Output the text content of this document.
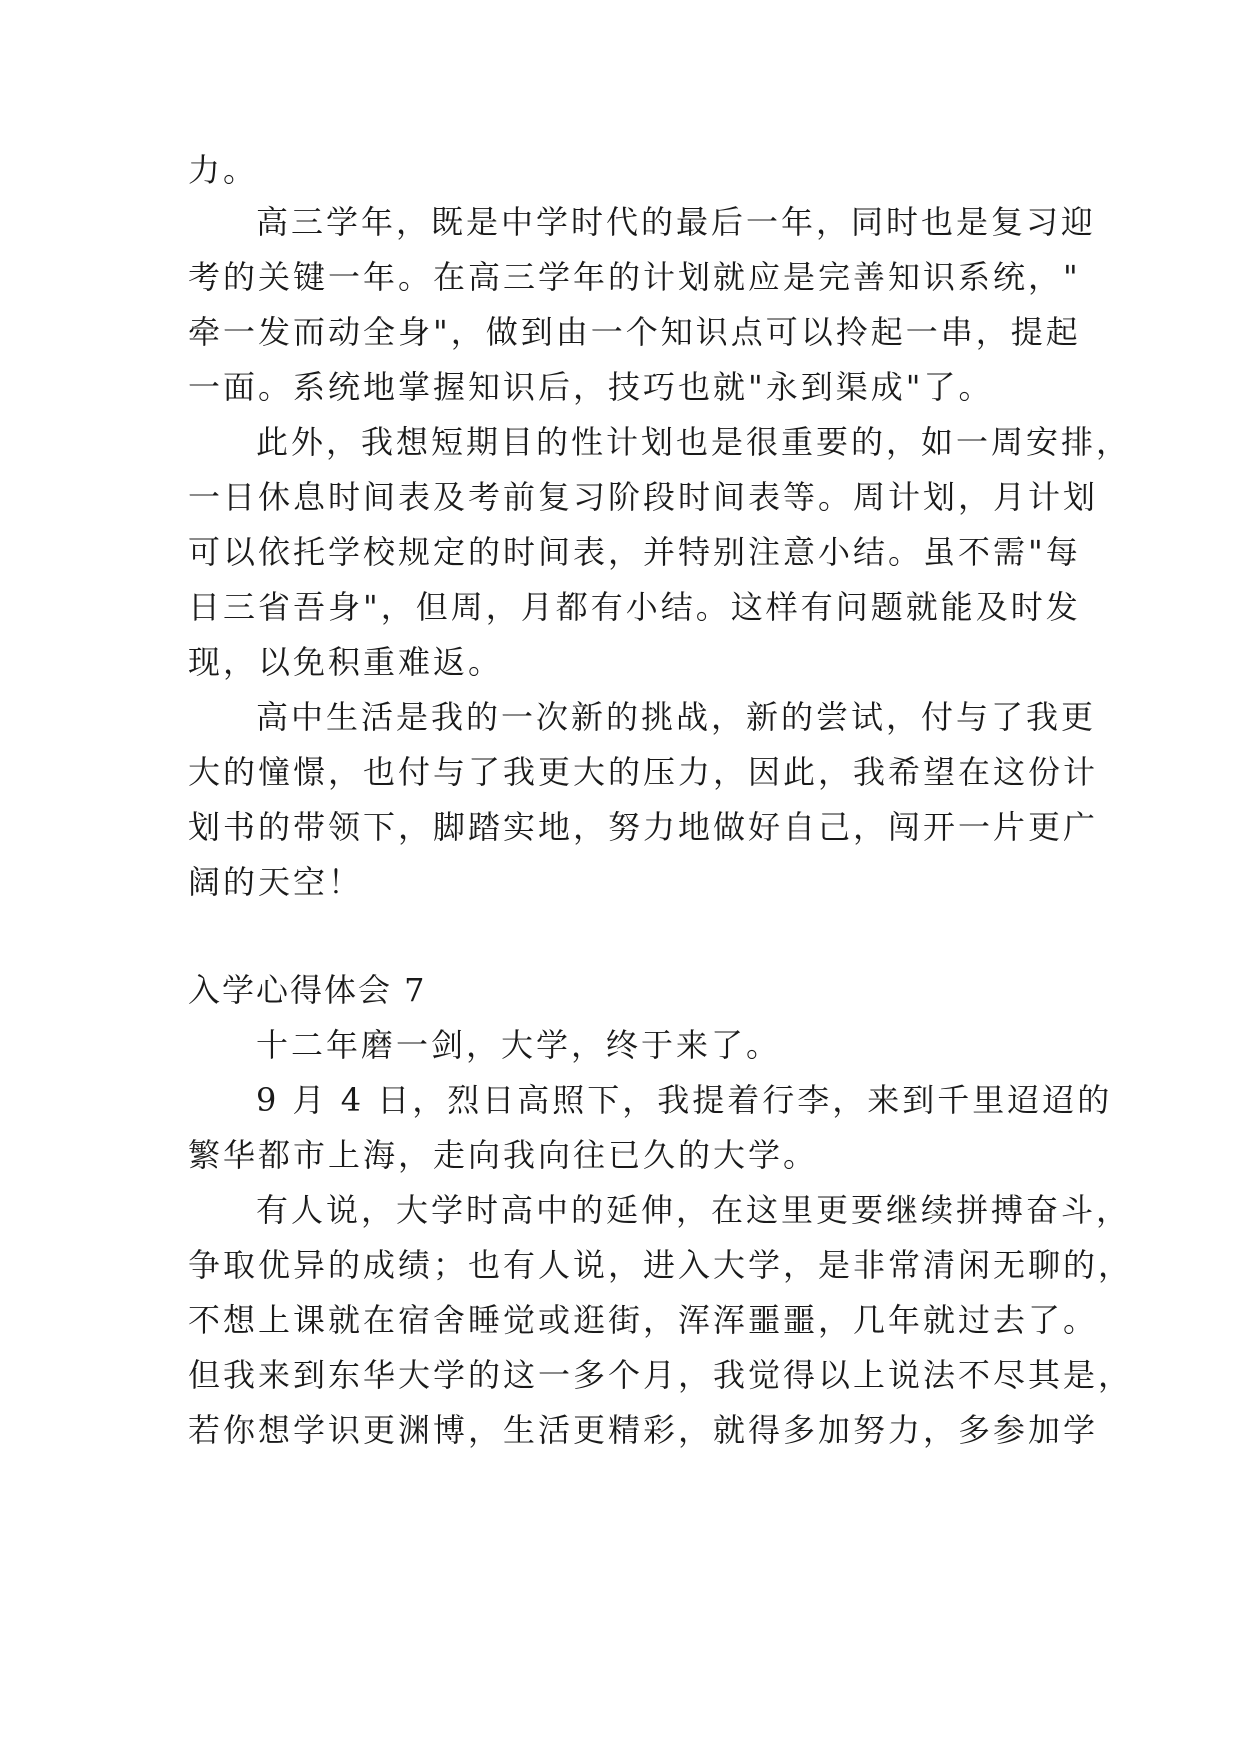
力。
高三学年，既是中学时代的最后一年，同时也是复习迎
考的关键一年。在高三学年的计划就应是完善知识系统，"
牵一发而动全身"，做到由一个知识点可以拎起一串，提起
一面。系统地掌握知识后，技巧也就"永到渠成"了。
此外，我想短期目的性计划也是很重要的，如一周安排，
一日休息时间表及考前复习阶段时间表等。周计划，月计划
可以依托学校规定的时间表，并特别注意小结。虽不需"每
日三省吾身"，但周，月都有小结。这样有问题就能及时发
现，以免积重难返。
高中生活是我的一次新的挑战，新的尝试，付与了我更
大的憧憬，也付与了我更大的压力，因此，我希望在这份计
划书的带领下，脚踏实地，努力地做好自己，闯开一片更广
阔的天空！
入学心得体会 7
十二年磨一剑，大学，终于来了。
9 月 4 日，烈日高照下，我提着行李，来到千里迢迢的
繁华都市上海，走向我向往已久的大学。
有人说，大学时高中的延伸，在这里更要继续拼搏奋斗，
争取优异的成绩；也有人说，进入大学，是非常清闲无聊的，
不想上课就在宿舍睡觉或逛街，浑浑噩噩，几年就过去了。
但我来到东华大学的这一多个月，我觉得以上说法不尽其是，
若你想学识更渊博，生活更精彩，就得多加努力，多参加学
